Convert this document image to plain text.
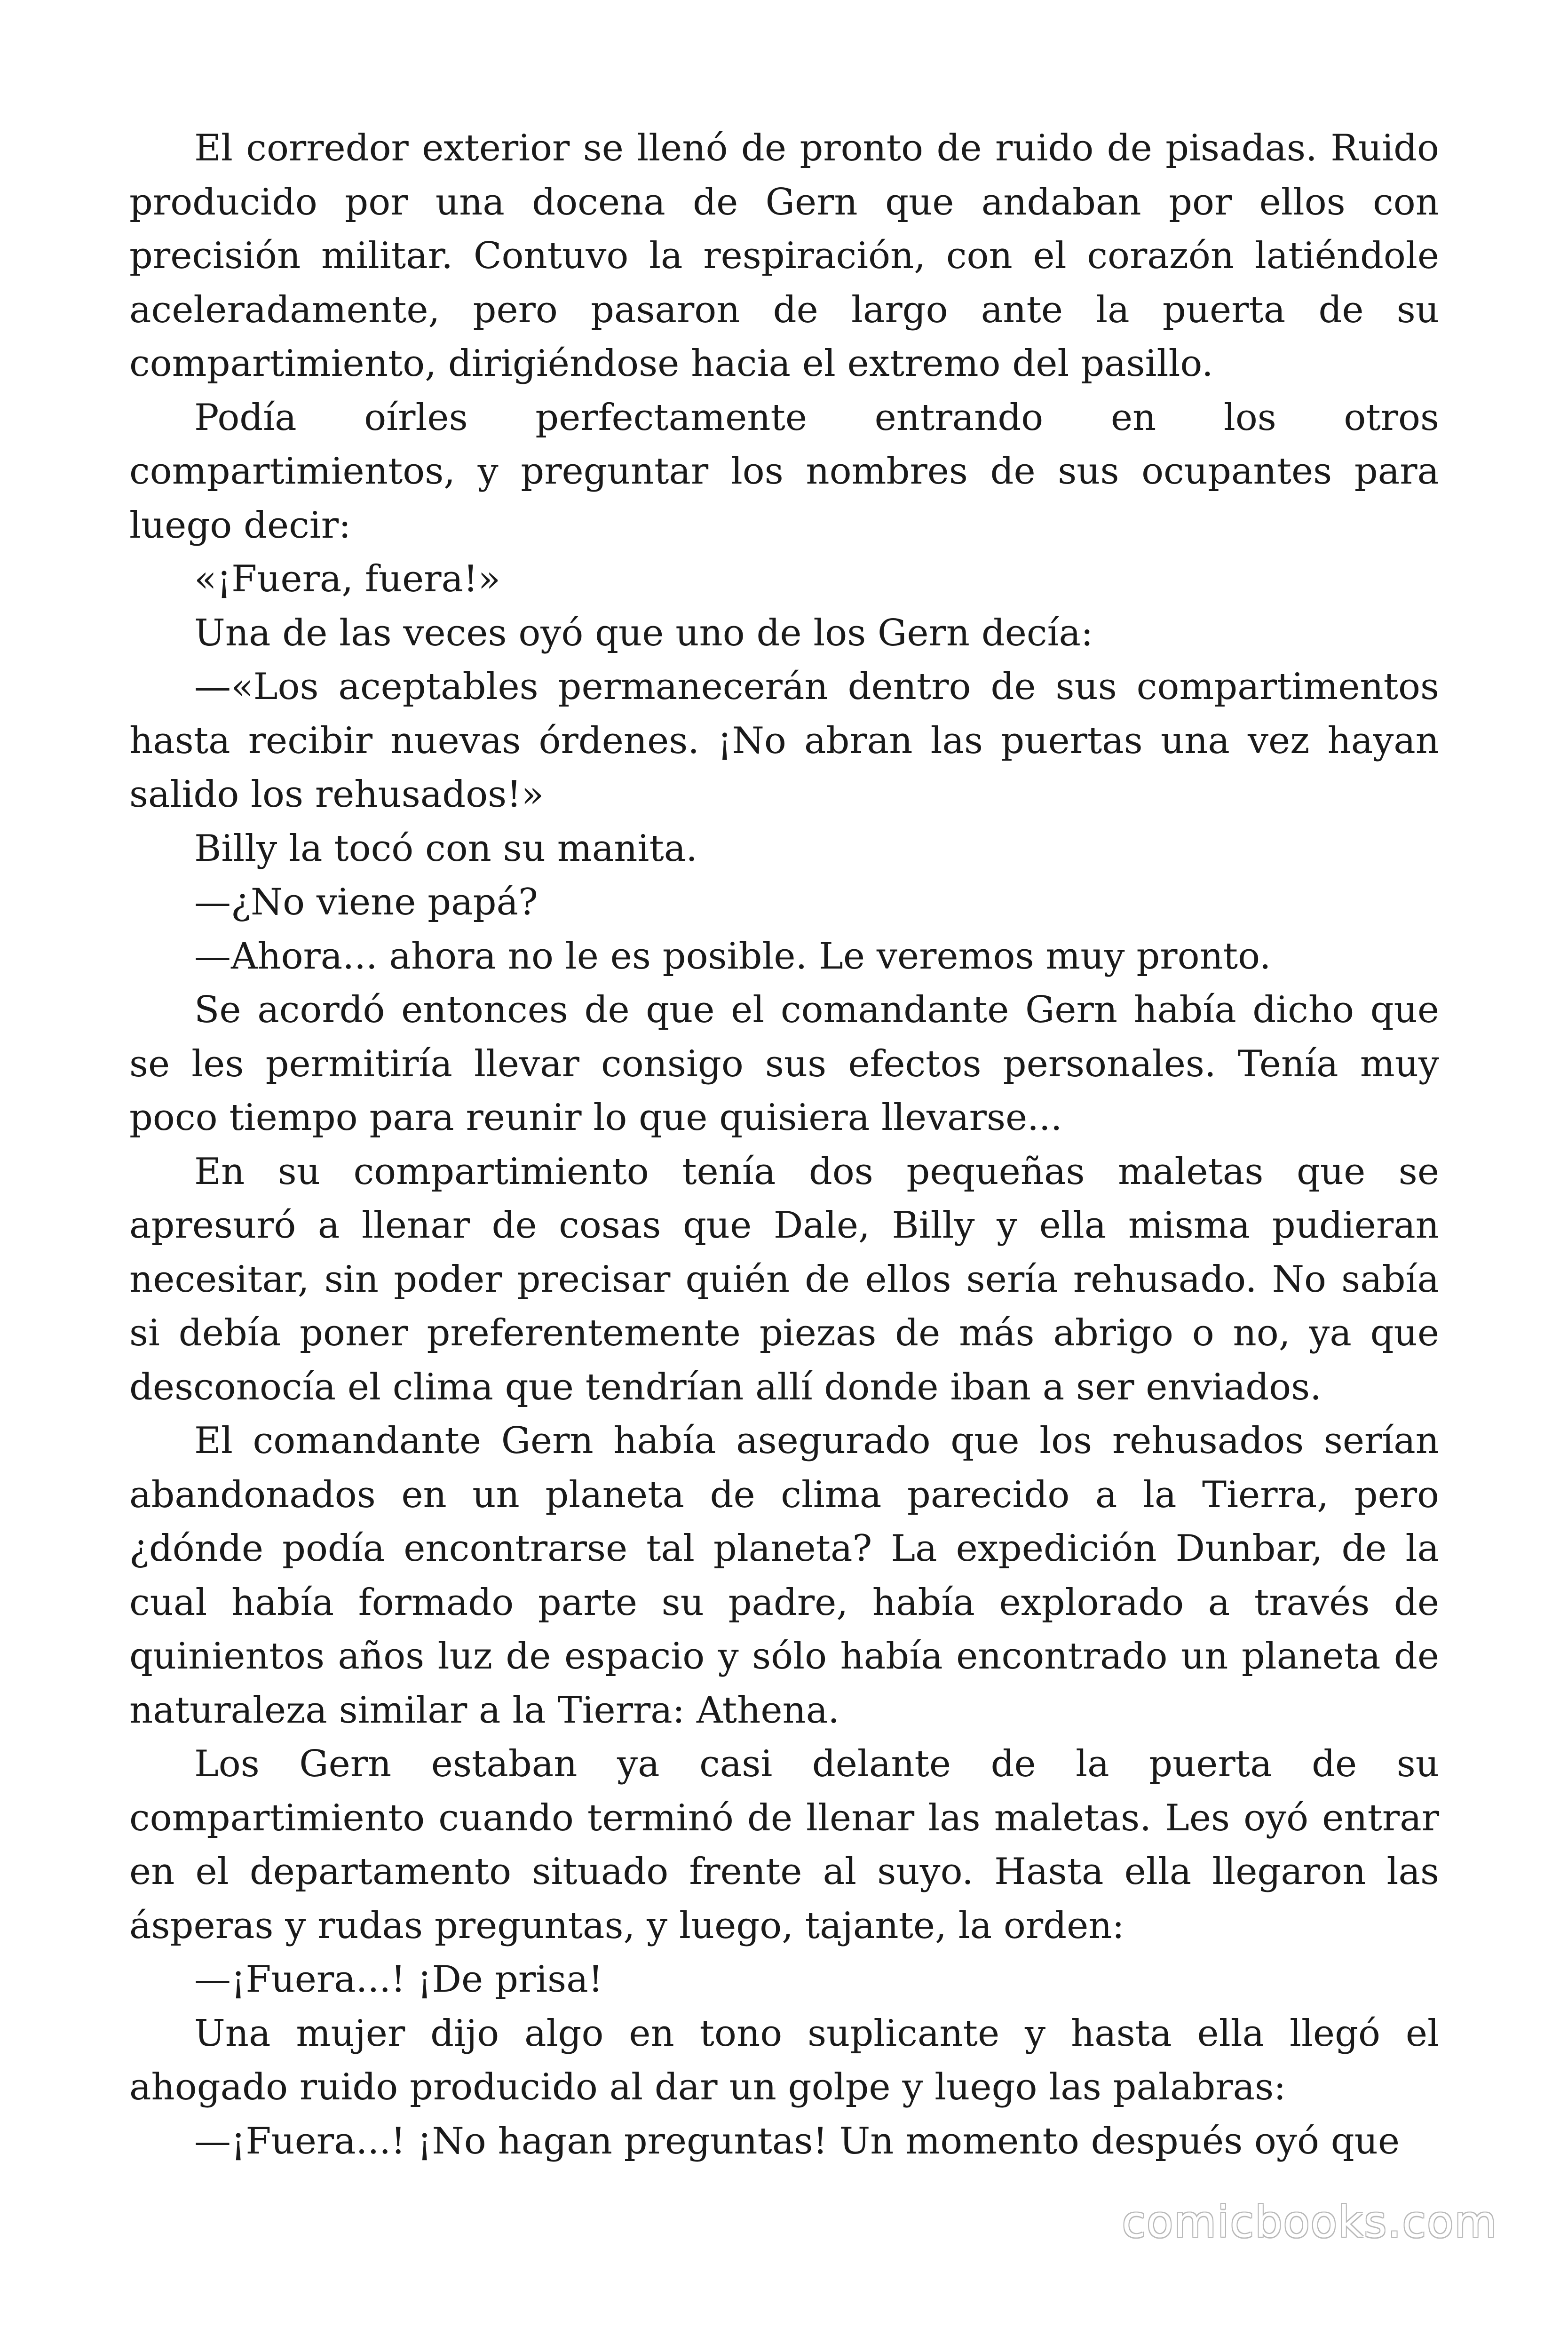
El corredor exterior se llenó de pronto de ruido de pisadas. Ruido producido por una docena de Gern que andaban por ellos con precisión militar. Contuvo la respiración, con el corazón latiéndole aceleradamente, pero pasaron de largo ante la puerta de su compartimiento, dirigiéndose hacia el extremo del pasillo.

Podía oírles perfectamente entrando en los otros compartimientos, y preguntar los nombres de sus ocupantes para luego decir:

«¡Fuera, fuera!»

Una de las veces oyó que uno de los Gern decía:

—«Los aceptables permanecerán dentro de sus compartimentos hasta recibir nuevas órdenes. ¡No abran las puertas una vez hayan salido los rehusados!»

Billy la tocó con su manita.

—¿No viene papá?

—Ahora... ahora no le es posible. Le veremos muy pronto.

Se acordó entonces de que el comandante Gern había dicho que se les permitiría llevar consigo sus efectos personales. Tenía muy poco tiempo para reunir lo que quisiera llevarse...

En su compartimiento tenía dos pequeñas maletas que se apresuró a llenar de cosas que Dale, Billy y ella misma pudieran necesitar, sin poder precisar quién de ellos sería rehusado. No sabía si debía poner preferentemente piezas de más abrigo o no, ya que desconocía el clima que tendrían allí donde iban a ser enviados.

El comandante Gern había asegurado que los rehusados serían abandonados en un planeta de clima parecido a la Tierra, pero ¿dónde podía encontrarse tal planeta? La expedición Dunbar, de la cual había formado parte su padre, había explorado a través de quinientos años luz de espacio y sólo había encontrado un planeta de naturaleza similar a la Tierra: Athena.

Los Gern estaban ya casi delante de la puerta de su compartimiento cuando terminó de llenar las maletas. Les oyó entrar en el departamento situado frente al suyo. Hasta ella llegaron las ásperas y rudas preguntas, y luego, tajante, la orden:

—¡Fuera...! ¡De prisa!

Una mujer dijo algo en tono suplicante y hasta ella llegó el ahogado ruido producido al dar un golpe y luego las palabras:

—¡Fuera...! ¡No hagan preguntas! Un momento después oyó que

comicbooks.com
